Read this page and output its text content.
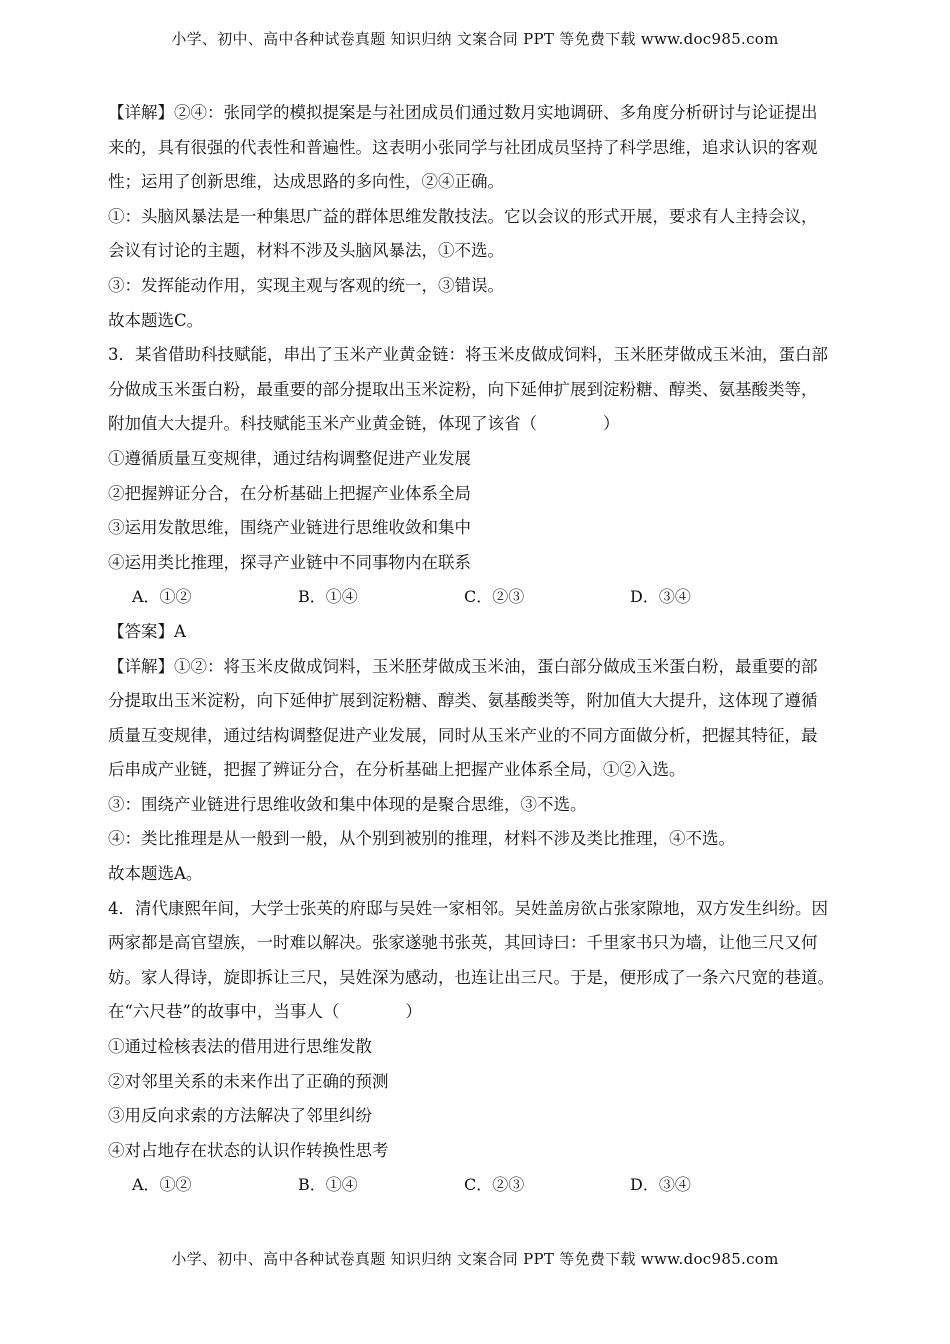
小学、初中、高中各种试卷真题 知识归纳 文案合同 PPT 等免费下载 www.doc985.com
【详解】②④：张同学的模拟提案是与社团成员们通过数月实地调研、多角度分析研讨与论证提出
来的，具有很强的代表性和普遍性。这表明小张同学与社团成员坚持了科学思维，追求认识的客观
性；运用了创新思维，达成思路的多向性，②④正确。
①：头脑风暴法是一种集思广益的群体思维发散技法。它以会议的形式开展，要求有人主持会议，
会议有讨论的主题，材料不涉及头脑风暴法，①不选。
③：发挥能动作用，实现主观与客观的统一，③错误。
故本题选C。
3．某省借助科技赋能，串出了玉米产业黄金链：将玉米皮做成饲料，玉米胚芽做成玉米油，蛋白部
分做成玉米蛋白粉，最重要的部分提取出玉米淀粉，向下延伸扩展到淀粉糖、醇类、氨基酸类等，
附加值大大提升。科技赋能玉米产业黄金链，体现了该省（　　　　）
①遵循质量互变规律，通过结构调整促进产业发展
②把握辨证分合，在分析基础上把握产业体系全局
③运用发散思维，围绕产业链进行思维收敛和集中
④运用类比推理，探寻产业链中不同事物内在联系
A．①②	B．①④	C．②③	D．③④
【答案】A
【详解】①②：将玉米皮做成饲料，玉米胚芽做成玉米油，蛋白部分做成玉米蛋白粉，最重要的部
分提取出玉米淀粉，向下延伸扩展到淀粉糖、醇类、氨基酸类等，附加值大大提升，这体现了遵循
质量互变规律，通过结构调整促进产业发展，同时从玉米产业的不同方面做分析，把握其特征，最
后串成产业链，把握了辨证分合，在分析基础上把握产业体系全局，①②入选。
③：围绕产业链进行思维收敛和集中体现的是聚合思维，③不选。
④：类比推理是从一般到一般，从个别到被别的推理，材料不涉及类比推理，④不选。
故本题选A。
4．清代康熙年间，大学士张英的府邸与吴姓一家相邻。吴姓盖房欲占张家隙地，双方发生纠纷。因
两家都是高官望族，一时难以解决。张家遂驰书张英，其回诗曰：千里家书只为墙，让他三尺又何
妨。家人得诗，旋即拆让三尺，吴姓深为感动，也连让出三尺。于是，便形成了一条六尺宽的巷道。
在“六尺巷”的故事中，当事人（　　　　）
①通过检核表法的借用进行思维发散
②对邻里关系的未来作出了正确的预测
③用反向求索的方法解决了邻里纠纷
④对占地存在状态的认识作转换性思考
A．①②	B．①④	C．②③	D．③④
小学、初中、高中各种试卷真题 知识归纳 文案合同 PPT 等免费下载 www.doc985.com
